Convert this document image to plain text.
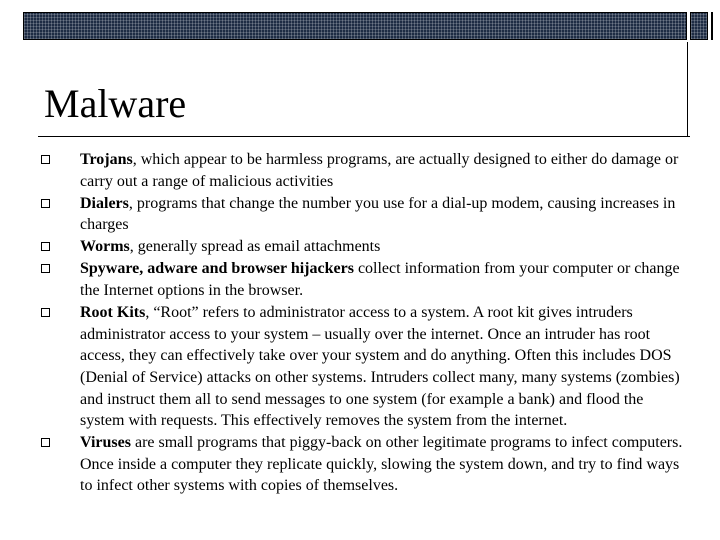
Malware
Trojans, which appear to be harmless programs, are actually designed to either do damage or carry out a range of malicious activities
Dialers, programs that change the number you use for a dial-up modem, causing increases in charges
Worms, generally spread as email attachments
Spyware, adware and browser hijackers collect information from your computer or change the Internet options in the browser.
Root Kits, “Root” refers to administrator access to a system. A root kit gives intruders administrator access to your system – usually over the internet. Once an intruder has root access, they can effectively take over your system and do anything. Often this includes DOS (Denial of Service) attacks on other systems. Intruders collect many, many systems (zombies) and instruct them all to send messages to one system (for example a bank) and flood the system with requests. This effectively removes the system from the internet.
Viruses are small programs that piggy-back on other legitimate programs to infect computers. Once inside a computer they replicate quickly, slowing the system down, and try to find ways to infect other systems with copies of themselves.
